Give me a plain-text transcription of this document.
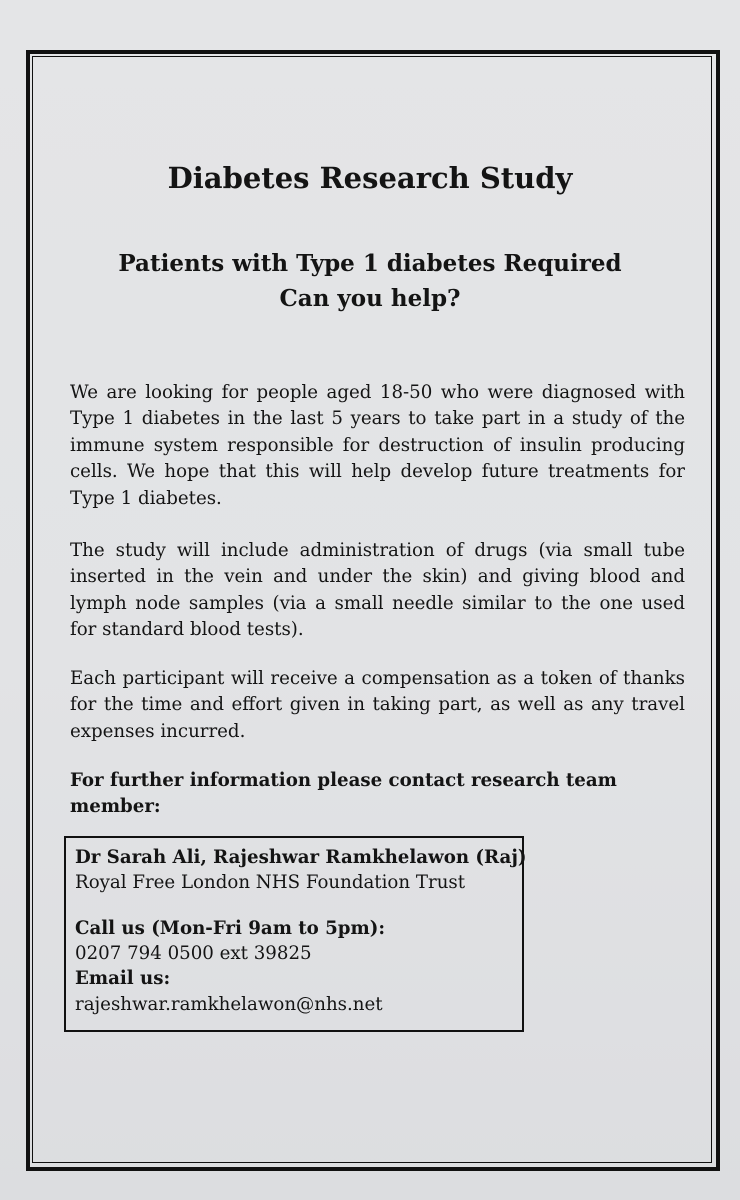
Diabetes Research Study
Patients with Type 1 diabetes Required
Can you help?

We are looking for people aged 18-50 who were diagnosed with Type 1 diabetes in the last 5 years to take part in a study of the immune system responsible for destruction of insulin producing cells. We hope that this will help develop future treatments for Type 1 diabetes.

The study will include administration of drugs (via small tube inserted in the vein and under the skin) and giving blood and lymph node samples (via a small needle similar to the one used for standard blood tests).

Each participant will receive a compensation as a token of thanks for the time and effort given in taking part, as well as any travel expenses incurred.

For further information please contact research team member:

Dr Sarah Ali, Rajeshwar Ramkhelawon (Raj)

Royal Free London NHS Foundation Trust

Call us (Mon-Fri 9am to 5pm):

0207 794 0500 ext 39825

Email us:

rajeshwar.ramkhelawon@nhs.net
